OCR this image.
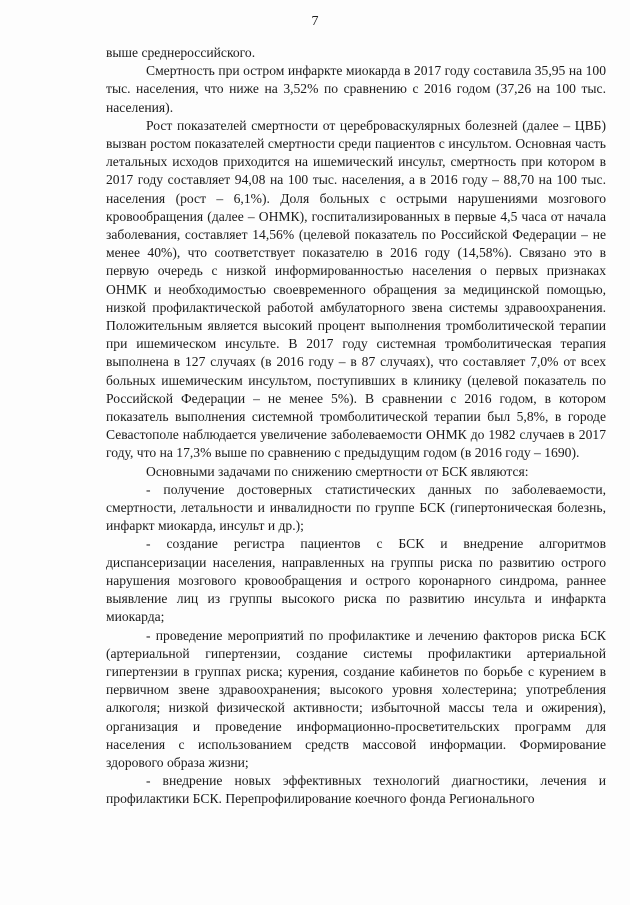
7

выше среднероссийского.

Смертность при остром инфаркте миокарда в 2017 году составила 35,95 на 100 тыс. населения, что ниже на 3,52% по сравнению с 2016 годом (37,26 на 100 тыс. населения).

Рост показателей смертности от цереброваскулярных болезней (далее – ЦВБ) вызван ростом показателей смертности среди пациентов с инсультом. Основная часть летальных исходов приходится на ишемический инсульт, смертность при котором в 2017 году составляет 94,08 на 100 тыс. населения, а в 2016 году – 88,70 на 100 тыс. населения (рост – 6,1%). Доля больных с острыми нарушениями мозгового кровообращения (далее – ОНМК), госпитализированных в первые 4,5 часа от начала заболевания, составляет 14,56% (целевой показатель по Российской Федерации – не менее 40%), что соответствует показателю в 2016 году (14,58%). Связано это в первую очередь с низкой информированностью населения о первых признаках ОНМК и необходимостью своевременного обращения за медицинской помощью, низкой профилактической работой амбулаторного звена системы здравоохранения. Положительным является высокий процент выполнения тромболитической терапии при ишемическом инсульте. В 2017 году системная тромболитическая терапия выполнена в 127 случаях (в 2016 году – в 87 случаях), что составляет 7,0% от всех больных ишемическим инсультом, поступивших в клинику (целевой показатель по Российской Федерации – не менее 5%). В сравнении с 2016 годом, в котором показатель выполнения системной тромболитической терапии был 5,8%, в городе Севастополе наблюдается увеличение заболеваемости ОНМК до 1982 случаев в 2017 году, что на 17,3% выше по сравнению с предыдущим годом (в 2016 году – 1690).

Основными задачами по снижению смертности от БСК являются:

- получение достоверных статистических данных по заболеваемости, смертности, летальности и инвалидности по группе БСК (гипертоническая болезнь, инфаркт миокарда, инсульт и др.);

- создание регистра пациентов с БСК и внедрение алгоритмов диспансеризации населения, направленных на группы риска по развитию острого нарушения мозгового кровообращения и острого коронарного синдрома, раннее выявление лиц из группы высокого риска по развитию инсульта и инфаркта миокарда;

- проведение мероприятий по профилактике и лечению факторов риска БСК (артериальной гипертензии, создание системы профилактики артериальной гипертензии в группах риска; курения, создание кабинетов по борьбе с курением в первичном звене здравоохранения; высокого уровня холестерина; употребления алкоголя; низкой физической активности; избыточной массы тела и ожирения), организация и проведение информационно-просветительских программ для населения с использованием средств массовой информации. Формирование здорового образа жизни;

- внедрение новых эффективных технологий диагностики, лечения и профилактики БСК. Перепрофилирование коечного фонда Регионального
